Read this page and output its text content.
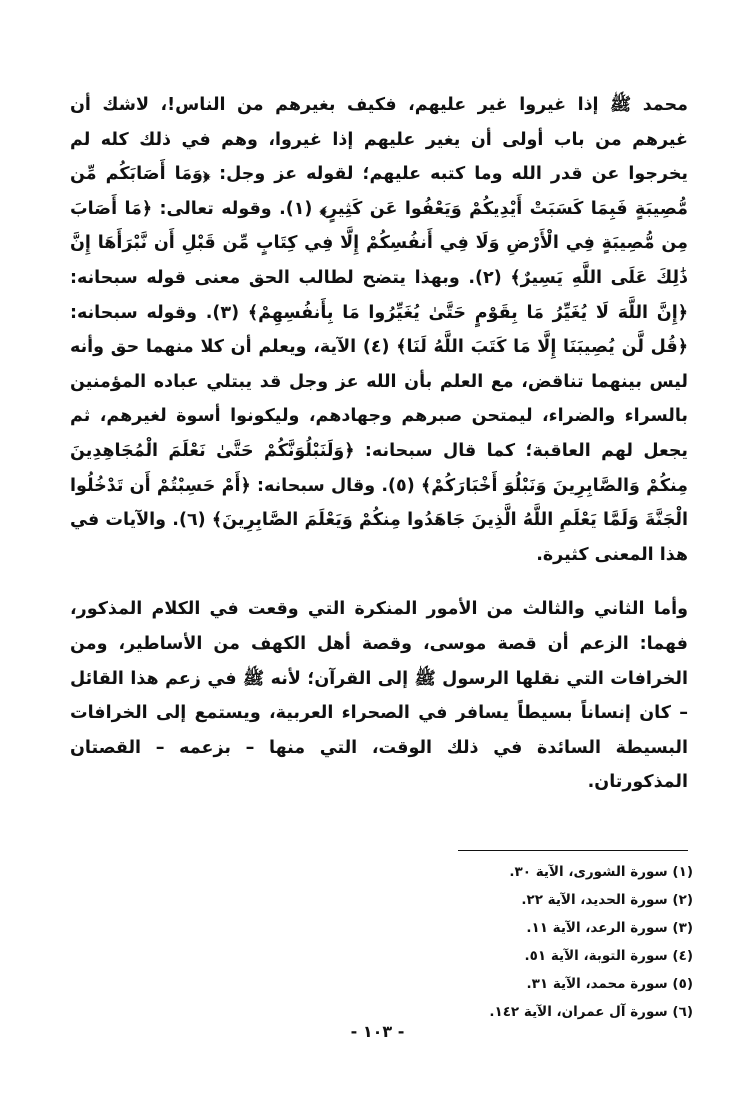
محمد ﷺ إذا غيروا غير عليهم، فكيف بغيرهم من الناس!، لاشك أن غيرهم من باب أولى أن يغير عليهم إذا غيروا، وهم في ذلك كله لم يخرجوا عن قدر الله وما كتبه عليهم؛ لقوله عز وجل: ﴿وَمَا أَصَابَكُم مِّن مُّصِيبَةٍ فَبِمَا كَسَبَتْ أَيْدِيكُمْ وَيَعْفُوا عَن كَثِيرٍ﴾ (١). وقوله تعالى: ﴿مَا أَصَابَ مِن مُّصِيبَةٍ فِي الْأَرْضِ وَلَا فِي أَنفُسِكُمْ إِلَّا فِي كِتَابٍ مِّن قَبْلِ أَن نَّبْرَأَهَا إِنَّ ذَٰلِكَ عَلَى اللَّهِ يَسِيرٌ﴾ (٢). وبهذا يتضح لطالب الحق معنى قوله سبحانه: ﴿إِنَّ اللَّهَ لَا يُغَيِّرُ مَا بِقَوْمٍ حَتَّىٰ يُغَيِّرُوا مَا بِأَنفُسِهِمْ﴾ (٣). وقوله سبحانه: ﴿قُل لَّن يُصِيبَنَا إِلَّا مَا كَتَبَ اللَّهُ لَنَا﴾ (٤) الآية، ويعلم أن كلا منهما حق وأنه ليس بينهما تناقض، مع العلم بأن الله عز وجل قد يبتلي عباده المؤمنين بالسراء والضراء، ليمتحن صبرهم وجهادهم، وليكونوا أسوة لغيرهم، ثم يجعل لهم العاقبة؛ كما قال سبحانه: ﴿وَلَنَبْلُوَنَّكُمْ حَتَّىٰ نَعْلَمَ الْمُجَاهِدِينَ مِنكُمْ وَالصَّابِرِينَ وَنَبْلُوَ أَخْبَارَكُمْ﴾ (٥). وقال سبحانه: ﴿أَمْ حَسِبْتُمْ أَن تَدْخُلُوا الْجَنَّةَ وَلَمَّا يَعْلَمِ اللَّهُ الَّذِينَ جَاهَدُوا مِنكُمْ وَيَعْلَمَ الصَّابِرِينَ﴾ (٦). والآيات في هذا المعنى كثيرة.

وأما الثاني والثالث من الأمور المنكرة التي وقعت في الكلام المذكور، فهما: الزعم أن قصة موسى، وقصة أهل الكهف من الأساطير، ومن الخرافات التي نقلها الرسول ﷺ إلى القرآن؛ لأنه ﷺ في زعم هذا القائل – كان إنساناً بسيطاً يسافر في الصحراء العربية، ويستمع إلى الخرافات البسيطة السائدة في ذلك الوقت، التي منها – بزعمه – القصتان المذكورتان.

(١) سورة الشورى، الآية ٣٠.
(٢) سورة الحديد، الآية ٢٢.
(٣) سورة الرعد، الآية ١١.
(٤) سورة التوبة، الآية ٥١.
(٥) سورة محمد، الآية ٣١.
(٦) سورة آل عمران، الآية ١٤٢.
- ١٠٣ -
